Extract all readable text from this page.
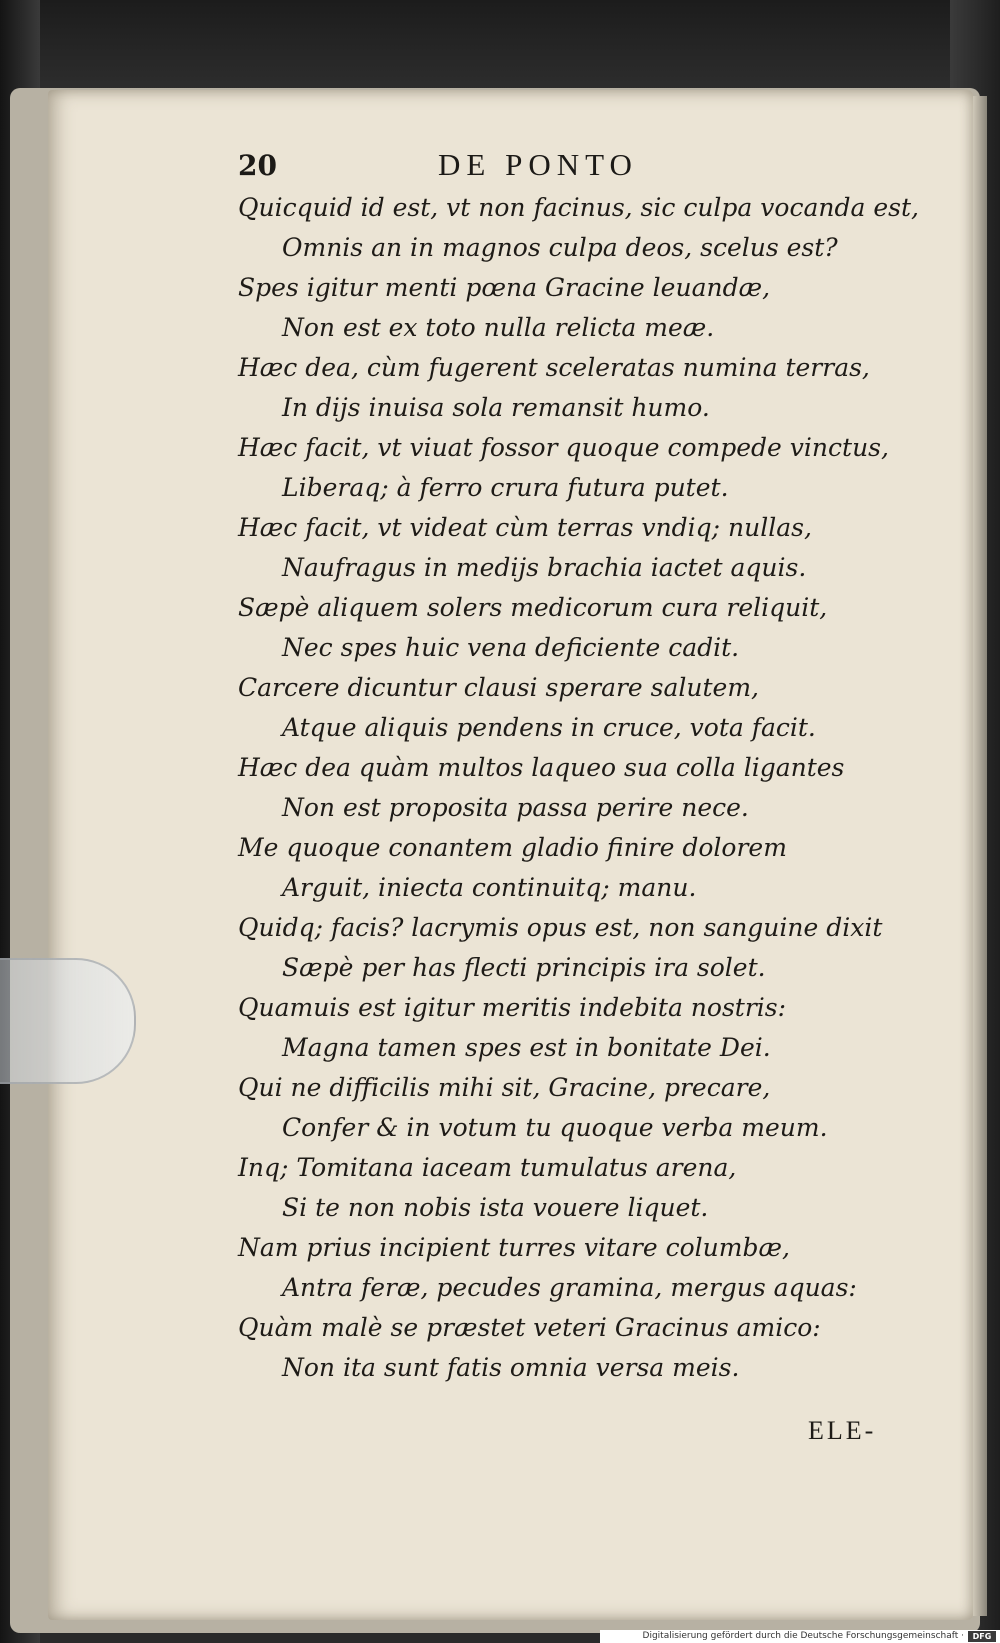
20	DE PONTO
Quicquid id est, vt non facinus, sic culpa vocanda est,
Omnis an in magnos culpa deos, scelus est?
Spes igitur menti pœna Gracine leuandæ,
Non est ex toto nulla relicta meæ.
Hæc dea, cùm fugerent sceleratas numina terras,
In dijs inuisa sola remansit humo.
Hæc facit, vt viuat fossor quoque compede vinctus,
Liberaq; à ferro crura futura putet.
Hæc facit, vt videat cùm terras vndiq; nullas,
Naufragus in medijs brachia iactet aquis.
Sæpè aliquem solers medicorum cura reliquit,
Nec spes huic vena deficiente cadit.
Carcere dicuntur clausi sperare salutem,
Atque aliquis pendens in cruce, vota facit.
Hæc dea quàm multos laqueo sua colla ligantes
Non est proposita passa perire nece.
Me quoque conantem gladio finire dolorem
Arguit, iniecta continuitq; manu.
Quidq; facis? lacrymis opus est, non sanguine dixit
Sæpè per has flecti principis ira solet.
Quamuis est igitur meritis indebita nostris:
Magna tamen spes est in bonitate Dei.
Qui ne difficilis mihi sit, Gracine, precare,
Confer & in votum tu quoque verba meum.
Inq; Tomitana iaceam tumulatus arena,
Si te non nobis ista vouere liquet.
Nam prius incipient turres vitare columbæ,
Antra feræ, pecudes gramina, mergus aquas:
Quàm malè se præstet veteri Gracinus amico:
Non ita sunt fatis omnia versa meis.
ELE-
Digitalisierung gefördert durch die Deutsche Forschungsgemeinschaft ·	DFG
